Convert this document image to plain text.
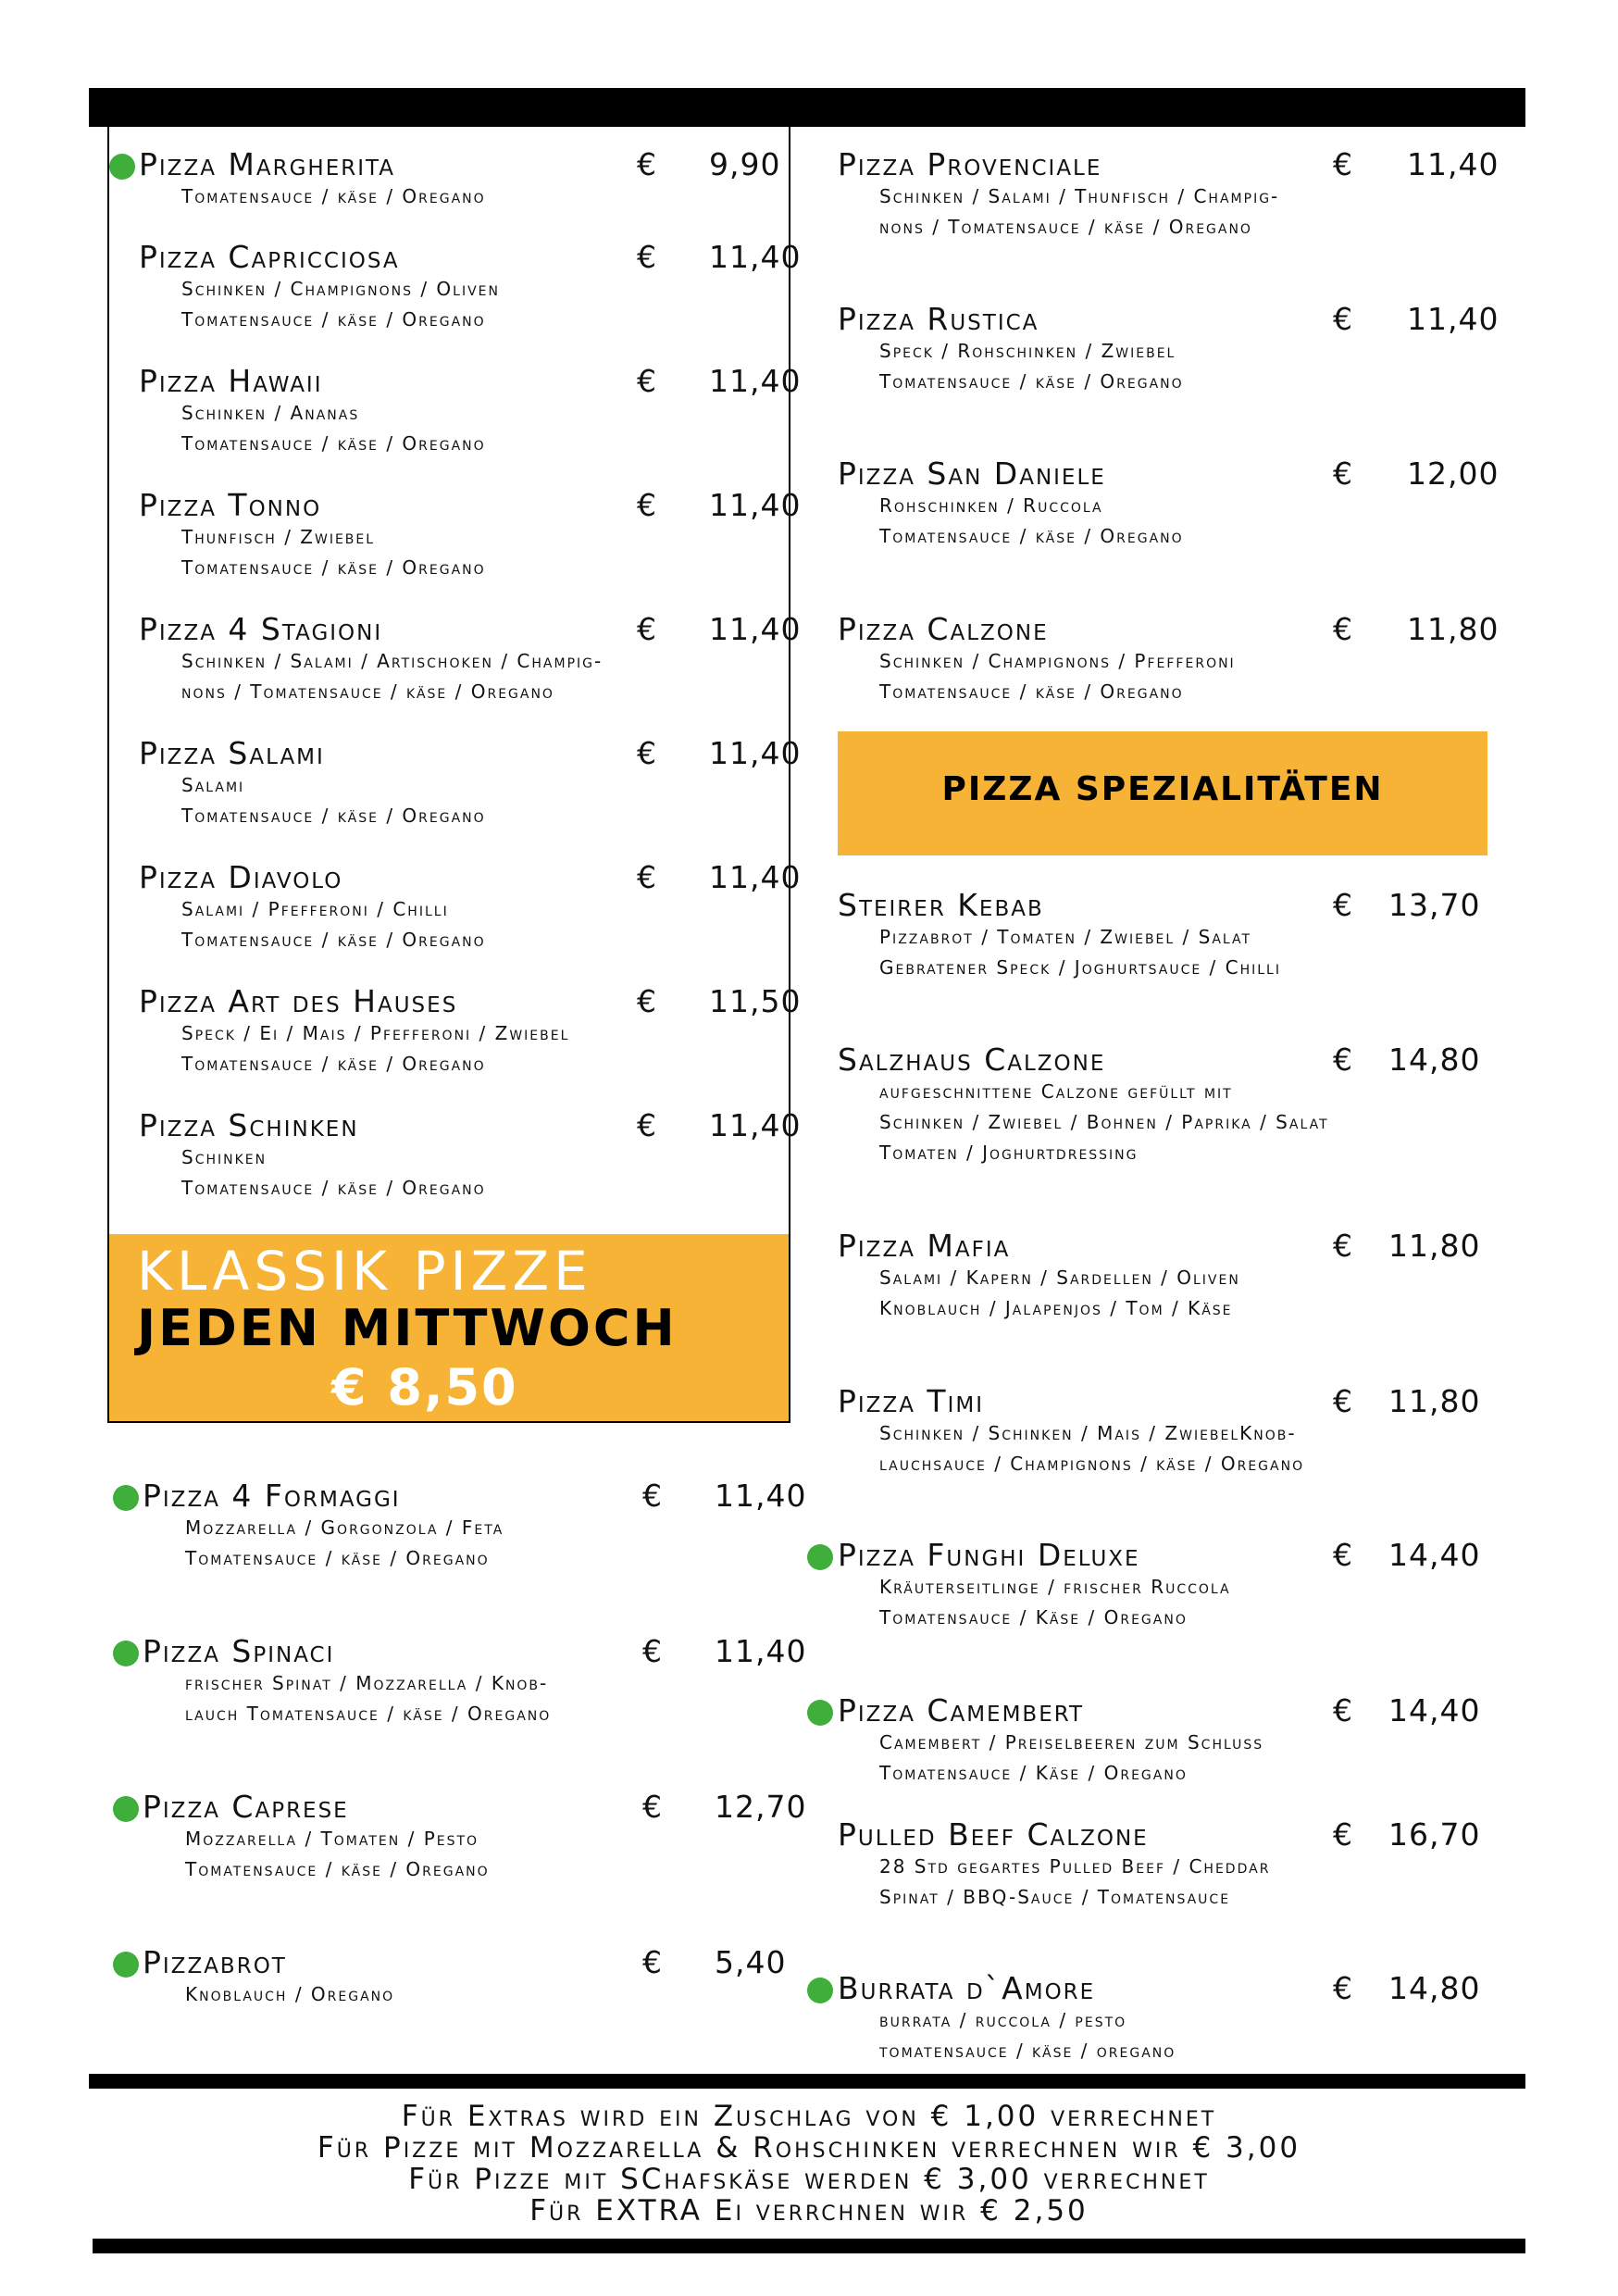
Pizza Margherita	€ 9,90
Tomatensauce / käse / Oregano
Pizza Capricciosa	€ 11,40
Schinken / Champignons / Oliven
Tomatensauce / käse / Oregano
Pizza Hawaii	€ 11,40
Schinken / Ananas
Tomatensauce / käse / Oregano
Pizza Tonno	€ 11,40
Thunfisch / Zwiebel
Tomatensauce / käse / Oregano
Pizza 4 Stagioni	€ 11,40
Schinken / Salami / Artischoken / Champig-
nons / Tomatensauce / käse / Oregano
Pizza Salami	€ 11,40
Salami
Tomatensauce / käse / Oregano
Pizza Diavolo	€ 11,40
Salami / Pfefferoni / Chilli
Tomatensauce / käse / Oregano
Pizza Art des Hauses	€ 11,50
Speck / Ei / Mais / Pfefferoni / Zwiebel
Tomatensauce / käse / Oregano
Pizza Schinken	€ 11,40
Schinken
Tomatensauce / käse / Oregano
Pizza 4 Formaggi	€ 11,40
Mozzarella / Gorgonzola / Feta
Tomatensauce / käse / Oregano
Pizza Spinaci	€ 11,40
frischer Spinat / Mozzarella / Knob-
lauch Tomatensauce / käse / Oregano
Pizza Caprese	€ 12,70
Mozzarella / Tomaten / Pesto
Tomatensauce / käse / Oregano
Pizzabrot	€ 5,40
Knoblauch / Oregano
Pizza Provenciale	€ 11,40
Schinken / Salami / Thunfisch / Champig-
nons / Tomatensauce / käse / Oregano
Pizza Rustica	€ 11,40
Speck / Rohschinken / Zwiebel
Tomatensauce / käse / Oregano
Pizza San Daniele	€ 12,00
Rohschinken / Ruccola
Tomatensauce / käse / Oregano
Pizza Calzone	€ 11,80
Schinken / Champignons / Pfefferoni
Tomatensauce / käse / Oregano
Steirer Kebab	€ 13,70
Pizzabrot / Tomaten / Zwiebel / Salat
Gebratener Speck / Joghurtsauce / Chilli
Salzhaus Calzone	€ 14,80
aufgeschnittene Calzone gefüllt mit
Schinken / Zwiebel / Bohnen / Paprika / Salat
Tomaten / Joghurtdressing
Pizza Mafia	€ 11,80
Salami / Kapern / Sardellen / Oliven
Knoblauch / Jalapenjos / Tom / Käse
Pizza Timi	€ 11,80
Schinken / Schinken / Mais / ZwiebelKnob-
lauchsauce / Champignons / käse / Oregano
Pizza Funghi Deluxe	€ 14,40
Kräuterseitlinge / frischer Ruccola
Tomatensauce / Käse / Oregano
Pizza Camembert	€ 14,40
Camembert / Preiselbeeren zum Schluss
Tomatensauce / Käse / Oregano
Pulled Beef Calzone	€ 16,70
28 Std gegartes Pulled Beef / Cheddar
Spinat / BBQ-Sauce / Tomatensauce
Burrata d`Amore	€ 14,80
burrata / ruccola / pesto
tomatensauce / käse / oregano
KLASSIK PIZZE
JEDEN MITTWOCH
€ 8,50
PIZZA SPEZIALITÄTEN
Für Extras wird ein Zuschlag von € 1,00 verrechnet
Für Pizze mit Mozzarella & Rohschinken verrechnen wir € 3,00
Für Pizze mit SChafskäse werden € 3,00 verrechnet
Für EXTRA Ei verrchnen wir € 2,50
